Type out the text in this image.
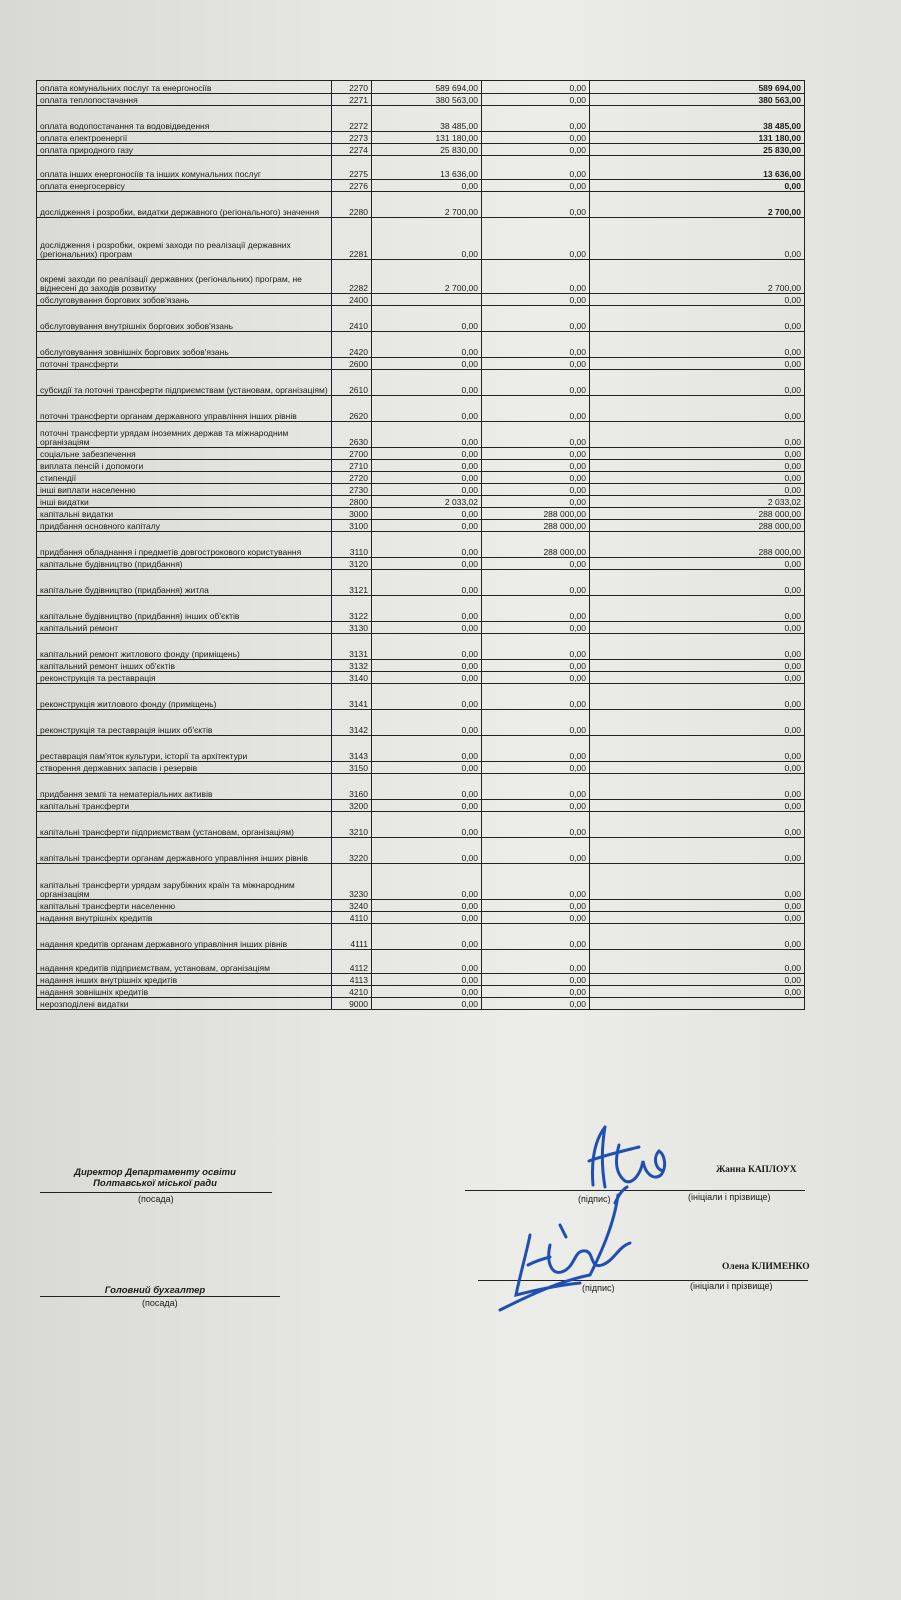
оплата комунальних послуг та енергоносіїв	2270	589 694,00	0,00	589 694,00
оплата теплопостачання	2271	380 563,00	0,00	380 563,00
оплата водопостачання та водовідведення	2272	38 485,00	0,00	38 485,00
оплата електроенергії	2273	131 180,00	0,00	131 180,00
оплата природного газу	2274	25 830,00	0,00	25 830,00
оплата інших енергоносіїв та інших комунальних послуг	2275	13 636,00	0,00	13 636,00
оплата енергосервісу	2276	0,00	0,00	0,00
дослідження і розробки, видатки державного (регіонального) значення	2280	2 700,00	0,00	2 700,00
дослідження і розробки, окремі заходи по реалізації державних (регіональних) програм	2281	0,00	0,00	0,00
окремі заходи по реалізації державних (регіональних) програм, не віднесені до заходів розвитку	2282	2 700,00	0,00	2 700,00
обслуговування боргових зобов'язань	2400		0,00	0,00
обслуговування внутрішніх боргових зобов'язань	2410	0,00	0,00	0,00
обслуговування зовнішніх боргових зобов'язань	2420	0,00	0,00	0,00
поточні трансферти	2600	0,00	0,00	0,00
субсидії та поточні трансферти підприємствам (установам, організаціям)	2610	0,00	0,00	0,00
поточні трансферти органам державного управління інших рівнів	2620	0,00	0,00	0,00
поточні трансферти урядам іноземних держав та міжнародним організаціям	2630	0,00	0,00	0,00
соціальне забезпечення	2700	0,00	0,00	0,00
виплата пенсій і допомоги	2710	0,00	0,00	0,00
стипендії	2720	0,00	0,00	0,00
інші виплати населенню	2730	0,00	0,00	0,00
інші видатки	2800	2 033,02	0,00	2 033,02
капітальні видатки	3000	0,00	288 000,00	288 000,00
придбання основного капіталу	3100	0,00	288 000,00	288 000,00
придбання обладнання і предметів довгострокового користування	3110	0,00	288 000,00	288 000,00
капітальне будівництво (придбання)	3120	0,00	0,00	0,00
капітальне будівництво (придбання) житла	3121	0,00	0,00	0,00
капітальне будівництво (придбання) інших об'єктів	3122	0,00	0,00	0,00
капітальний ремонт	3130	0,00	0,00	0,00
капітальний ремонт житлового фонду (приміщень)	3131	0,00	0,00	0,00
капітальний ремонт інших об'єктів	3132	0,00	0,00	0,00
реконструкція та реставрація	3140	0,00	0,00	0,00
реконструкція житлового фонду (приміщень)	3141	0,00	0,00	0,00
реконструкція та реставрація інших об'єктів	3142	0,00	0,00	0,00
реставрація пам'яток культури, історії та архітектури	3143	0,00	0,00	0,00
створення державних запасів і резервів	3150	0,00	0,00	0,00
придбання землі та нематеріальних активів	3160	0,00	0,00	0,00
капітальні трансферти	3200	0,00	0,00	0,00
капітальні трансферти підприємствам (установам, організаціям)	3210	0,00	0,00	0,00
капітальні трансферти органам державного управління інших рівнів	3220	0,00	0,00	0,00
капітальні трансферти урядам зарубіжних країн та міжнародним організаціям	3230	0,00	0,00	0,00
капітальні трансферти населенню	3240	0,00	0,00	0,00
надання внутрішніх кредитів	4110	0,00	0,00	0,00
надання кредитів органам державного управління інших рівнів	4111	0,00	0,00	0,00
надання кредитів підприємствам, установам, організаціям	4112	0,00	0,00	0,00
надання інших внутрішніх кредитів	4113	0,00	0,00	0,00
надання зовнішніх кредитів	4210	0,00	0,00	0,00
нерозподілені видатки	9000	0,00	0,00	
Директор Департаменту освіти
Полтавської міської ради
(посада)
Жанна КАПЛОУХ
(підпис)	(ініціали і прізвище)
Головний бухгалтер
(посада)
Олена КЛИМЕНКО
(підпис)	(ініціали і прізвище)
